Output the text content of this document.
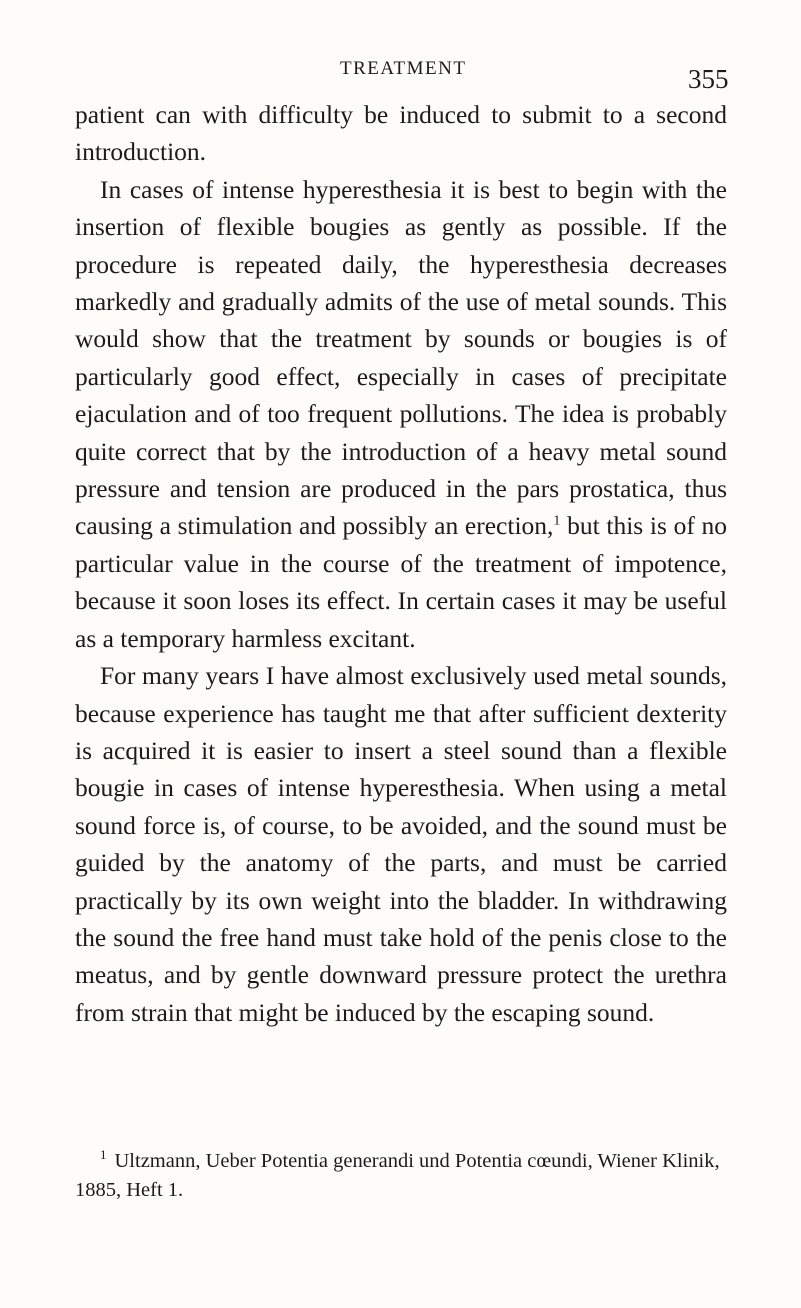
TREATMENT	355

patient can with difficulty be induced to submit to a second introduction.

In cases of intense hyperesthesia it is best to begin with the insertion of flexible bougies as gently as possible. If the procedure is repeated daily, the hyperesthesia decreases markedly and gradually admits of the use of metal sounds. This would show that the treatment by sounds or bougies is of particularly good effect, especially in cases of precipitate ejaculation and of too frequent pollutions. The idea is probably quite correct that by the introduction of a heavy metal sound pressure and tension are produced in the pars prostatica, thus causing a stimulation and possibly an erection,$^1$ but this is of no particular value in the course of the treatment of impotence, because it soon loses its effect. In certain cases it may be useful as a temporary harmless excitant.

For many years I have almost exclusively used metal sounds, because experience has taught me that after sufficient dexterity is acquired it is easier to insert a steel sound than a flexible bougie in cases of intense hyperesthesia. When using a metal sound force is, of course, to be avoided, and the sound must be guided by the anatomy of the parts, and must be carried practically by its own weight into the bladder. In withdrawing the sound the free hand must take hold of the penis close to the meatus, and by gentle downward pressure protect the urethra from strain that might be induced by the escaping sound.

$^1$ Ultzmann, Ueber Potentia generandi und Potentia cœundi, Wiener Klinik, 1885, Heft 1.
